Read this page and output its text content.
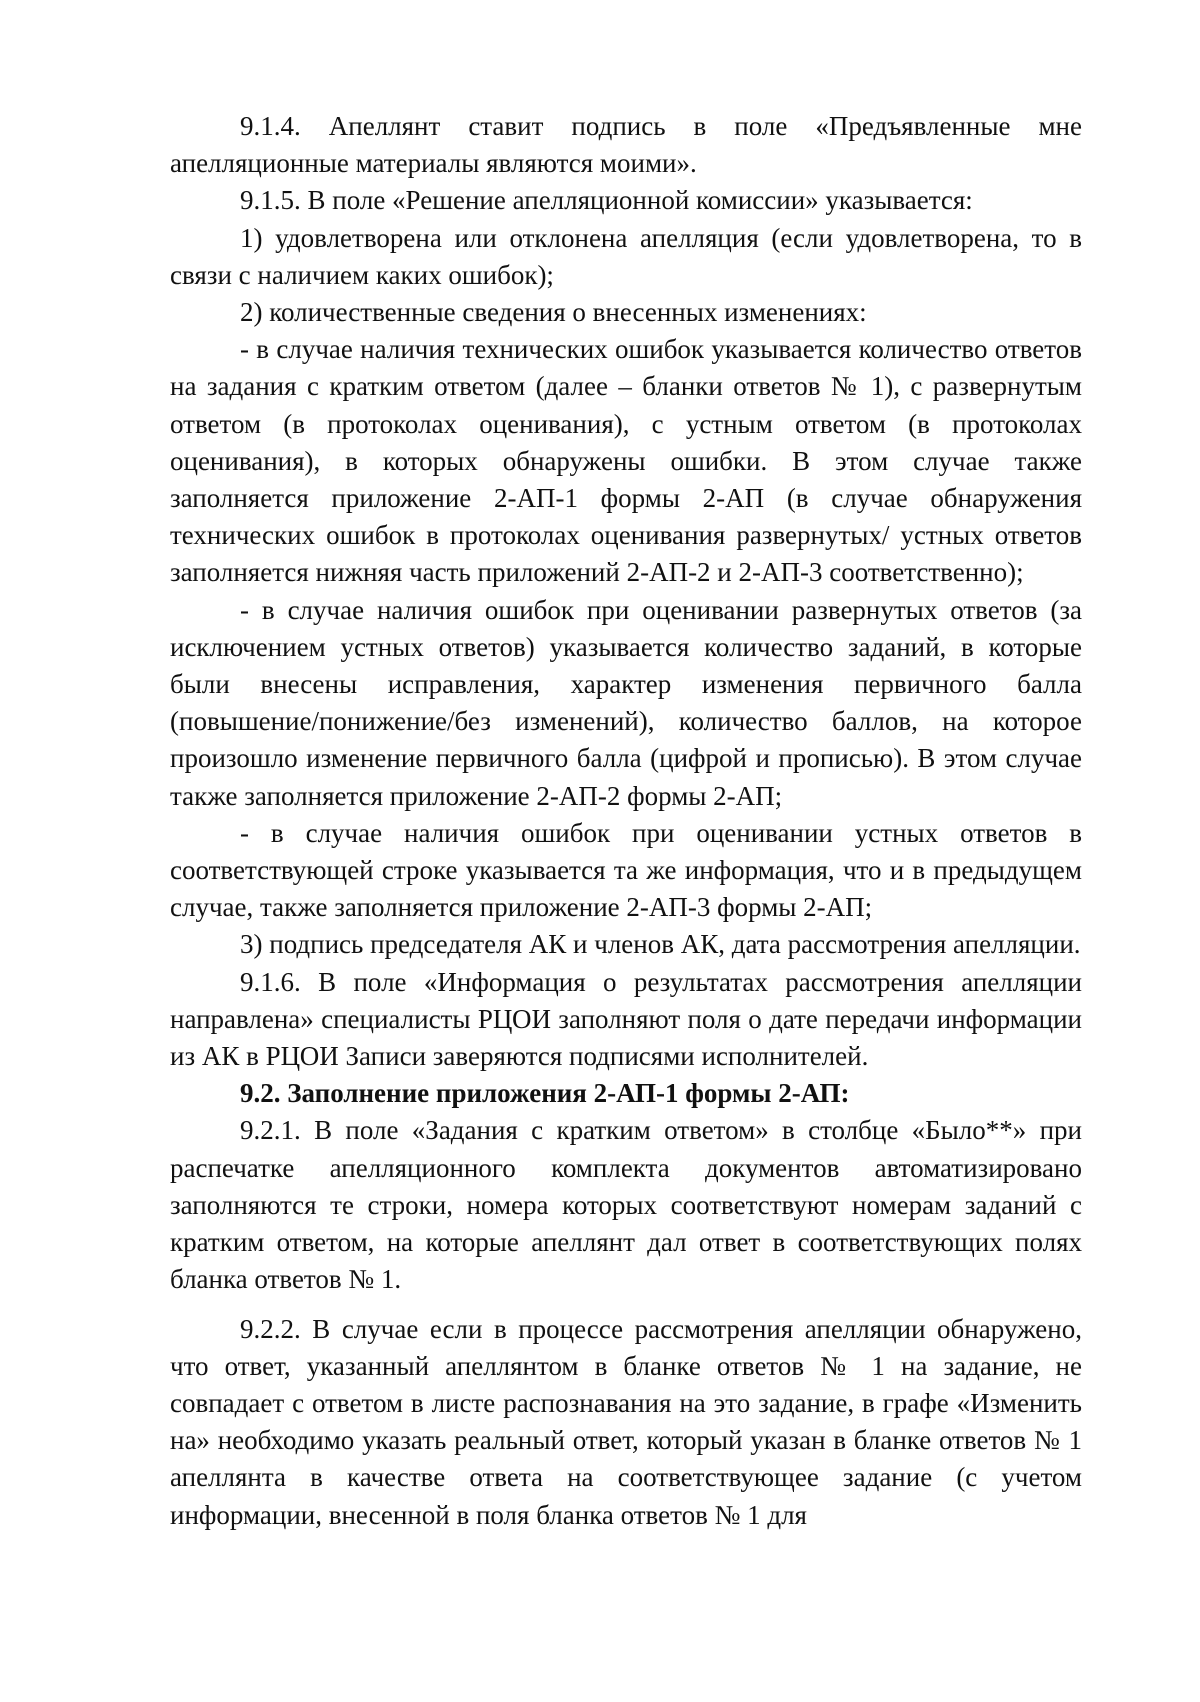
9.1.4. Апеллянт ставит подпись в поле «Предъявленные мне апелляционные материалы являются моими».

9.1.5. В поле «Решение апелляционной комиссии» указывается:

1) удовлетворена или отклонена апелляция (если удовлетворена, то в связи с наличием каких ошибок);

2) количественные сведения о внесенных изменениях:

- в случае наличия технических ошибок указывается количество ответов на задания с кратким ответом (далее – бланки ответов № 1), с развернутым ответом (в протоколах оценивания), с устным ответом (в протоколах оценивания), в которых обнаружены ошибки. В этом случае также заполняется приложение 2-АП-1 формы 2-АП (в случае обнаружения технических ошибок в протоколах оценивания развернутых/ устных ответов заполняется нижняя часть приложений 2-АП-2 и 2-АП-3 соответственно);

- в случае наличия ошибок при оценивании развернутых ответов (за исключением устных ответов) указывается количество заданий, в которые были внесены исправления, характер изменения первичного балла (повышение/понижение/без изменений), количество баллов, на которое произошло изменение первичного балла (цифрой и прописью). В этом случае также заполняется приложение 2-АП-2 формы 2-АП;

- в случае наличия ошибок при оценивании устных ответов в соответствующей строке указывается та же информация, что и в предыдущем случае, также заполняется приложение 2-АП-3 формы 2-АП;

3) подпись председателя АК и членов АК, дата рассмотрения апелляции.

9.1.6. В поле «Информация о результатах рассмотрения апелляции направлена» специалисты РЦОИ заполняют поля о дате передачи информации из АК в РЦОИ Записи заверяются подписями исполнителей.

9.2. Заполнение приложения 2-АП-1 формы 2-АП:

9.2.1. В поле «Задания с кратким ответом» в столбце «Было**» при распечатке апелляционного комплекта документов автоматизировано заполняются те строки, номера которых соответствуют номерам заданий с кратким ответом, на которые апеллянт дал ответ в соответствующих полях бланка ответов № 1.

9.2.2. В случае если в процессе рассмотрения апелляции обнаружено, что ответ, указанный апеллянтом в бланке ответов № 1 на задание, не совпадает с ответом в листе распознавания на это задание, в графе «Изменить на» необходимо указать реальный ответ, который указан в бланке ответов № 1 апеллянта в качестве ответа на соответствующее задание (с учетом информации, внесенной в поля бланка ответов № 1 для
